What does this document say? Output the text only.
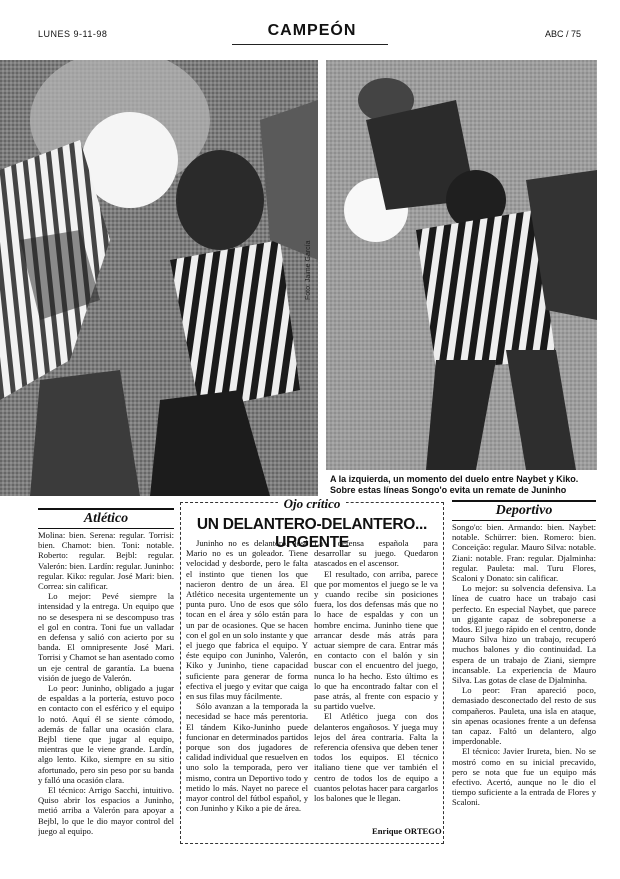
LUNES 9-11-98	CAMPEÓN	ABC / 75
Foto: Jaime García
A la izquierda, un momento del duelo entre Naybet y Kiko.
Sobre estas líneas Songo'o evita un remate de Juninho
Atlético

Molina: bien. Serena: regular. Torrisi: bien. Chamot: bien. Toni: notable. Roberto: regular. Bejbl: regular. Valerón: bien. Lardín: regular. Juninho: regular. Kiko: regular. José Mari: bien. Correa: sin calificar.

Lo mejor: Pevé siempre la intensidad y la entrega. Un equipo que no se desespera ni se descompuso tras el gol en contra. Toni fue un valladar en defensa y salió con acierto por su banda. El omnipresente José Mari. Torrisi y Chamot se han asentado como un eje central de garantía. La buena visión de juego de Valerón.

Lo peor: Juninho, obligado a jugar de espaldas a la portería, estuvo poco en contacto con el esférico y el equipo lo notó. Aquí él se siente cómodo, además de fallar una ocasión clara. Bejbl tiene que jugar al equipo, mientras que le viene grande. Lardín, algo lento. Kiko, siempre en su sitio afortunado, pero sin peso por su banda y falló una ocasión clara.

El técnico: Arrigo Sacchi, intuitivo. Quiso abrir los espacios a Juninho, metió arriba a Valerón para apoyar a Bejbl, lo que le dio mayor control del juego al equipo.

Ojo crítico
UN DELANTERO-DELANTERO... URGENTE

Juninho no es delantero. José Mario no es un goleador. Tiene velocidad y desborde, pero le falta el instinto que tienen los que nacieron dentro de un área. El Atlético necesita urgentemente un punta puro. Uno de esos que sólo tocan en el área y sólo están para un par de ocasiones. Que se hacen con el gol en un solo instante y que el juego que fabrica el equipo. Y éste equipo con Juninho, Valerón, Kiko y Juninho, tiene capacidad suficiente para generar de forma efectiva el juego y evitar que caiga en sus filas muy fácilmente.

Sólo avanzan a la temporada la necesidad se hace más perentoria. El tándem Kiko-Juninho puede funcionar en determinados partidos porque son dos jugadores de calidad individual que resuelven en uno solo la temporada, pero ver mismo, contra un Deportivo todo y metido lo más. Nayet no parece el mayor control del fútbol español, y con Juninho y Kiko a pie de área.

La defensa española para desarrollar su juego. Quedaron atascados en el ascensor.

El resultado, con arriba, parece que por momentos el juego se le va y cuando recibe sin posiciones fuera, los dos defensas más que no lo hace de espaldas y con un hombre encima. Juninho tiene que arrancar desde más atrás para actuar siempre de cara. Entrar más en contacto con el balón y sin buscar con el encuentro del juego, nunca lo ha hecho. Esto último es lo que ha encontrado faltar con el pase atrás, al frente con espacio y su partido vuelve.

El Atlético juega con dos delanteros engañosos. Y juega muy lejos del área contraria. Falta la referencia ofensiva que deben tener todos los equipos. El técnico italiano tiene que ver también el centro de todos los de equipo a cuantos pelotas hacer para cargarlos los balones que le llegan.

Enrique ORTEGO
Deportivo

Songo'o: bien. Armando: bien. Naybet: notable. Schürrer: bien. Romero: bien. Conceição: regular. Mauro Silva: notable. Ziani: notable. Fran: regular. Djalminha: regular. Pauleta: mal. Turu Flores, Scaloni y Donato: sin calificar.

Lo mejor: su solvencia defensiva. La línea de cuatro hace un trabajo casi perfecto. En especial Naybet, que parece un gigante capaz de sobreponerse a todos. El juego rápido en el centro, donde Mauro Silva hizo un trabajo, recuperó muchos balones y dio continuidad. La espera de un trabajo de Ziani, siempre incansable. La experiencia de Mauro Silva. Las gotas de clase de Djalminha.

Lo peor: Fran apareció poco, demasiado desconectado del resto de sus compañeros. Pauleta, una isla en ataque, sin apenas ocasiones frente a un defensa tan capaz. Faltó un delantero, algo imperdonable.

El técnico: Javier Irureta, bien. No se mostró como en su inicial precavido, pero se nota que fue un equipo más efectivo. Acertó, aunque no le dio el tiempo suficiente a la entrada de Flores y Scaloni.
